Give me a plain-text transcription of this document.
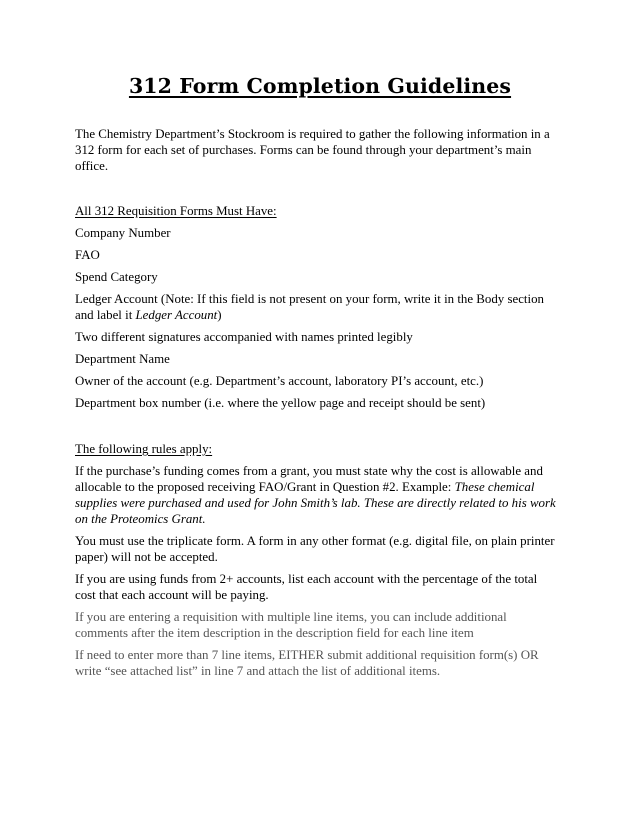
312 Form Completion Guidelines

The Chemistry Department’s Stockroom is required to gather the following information in a 312 form for each set of purchases. Forms can be found through your department’s main office.

All 312 Requisition Forms Must Have:

Company Number

FAO

Spend Category

Ledger Account (Note: If this field is not present on your form, write it in the Body section and label it Ledger Account)

Two different signatures accompanied with names printed legibly

Department Name

Owner of the account (e.g. Department’s account, laboratory PI’s account, etc.)

Department box number (i.e. where the yellow page and receipt should be sent)

The following rules apply:

If the purchase’s funding comes from a grant, you must state why the cost is allowable and allocable to the proposed receiving FAO/Grant in Question #2. Example: These chemical supplies were purchased and used for John Smith’s lab. These are directly related to his work on the Proteomics Grant.

You must use the triplicate form. A form in any other format (e.g. digital file, on plain printer paper) will not be accepted.

If you are using funds from 2+ accounts, list each account with the percentage of the total cost that each account will be paying.

If you are entering a requisition with multiple line items, you can include additional comments after the item description in the description field for each line item

If need to enter more than 7 line items, EITHER submit additional requisition form(s) OR write “see attached list” in line 7 and attach the list of additional items.
